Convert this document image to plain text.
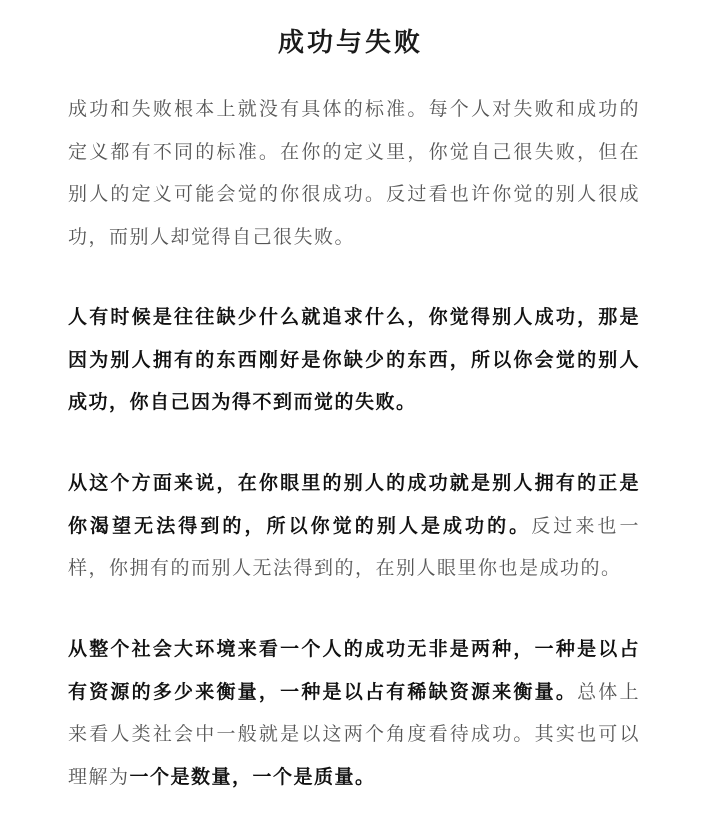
成功与失败
成功和失败根本上就没有具体的标准。每个人对失败和成功的定义都有不同的标准。在你的定义里，你觉自己很失败，但在别人的定义可能会觉的你很成功。反过看也许你觉的别人很成功，而别人却觉得自己很失败。
人有时候是往往缺少什么就追求什么，你觉得别人成功，那是因为别人拥有的东西刚好是你缺少的东西，所以你会觉的别人成功，你自己因为得不到而觉的失败。
从这个方面来说，在你眼里的别人的成功就是别人拥有的正是你渴望无法得到的，所以你觉的别人是成功的。反过来也一样，你拥有的而别人无法得到的，在别人眼里你也是成功的。
从整个社会大环境来看一个人的成功无非是两种，一种是以占有资源的多少来衡量，一种是以占有稀缺资源来衡量。总体上来看人类社会中一般就是以这两个角度看待成功。其实也可以理解为一个是数量，一个是质量。
